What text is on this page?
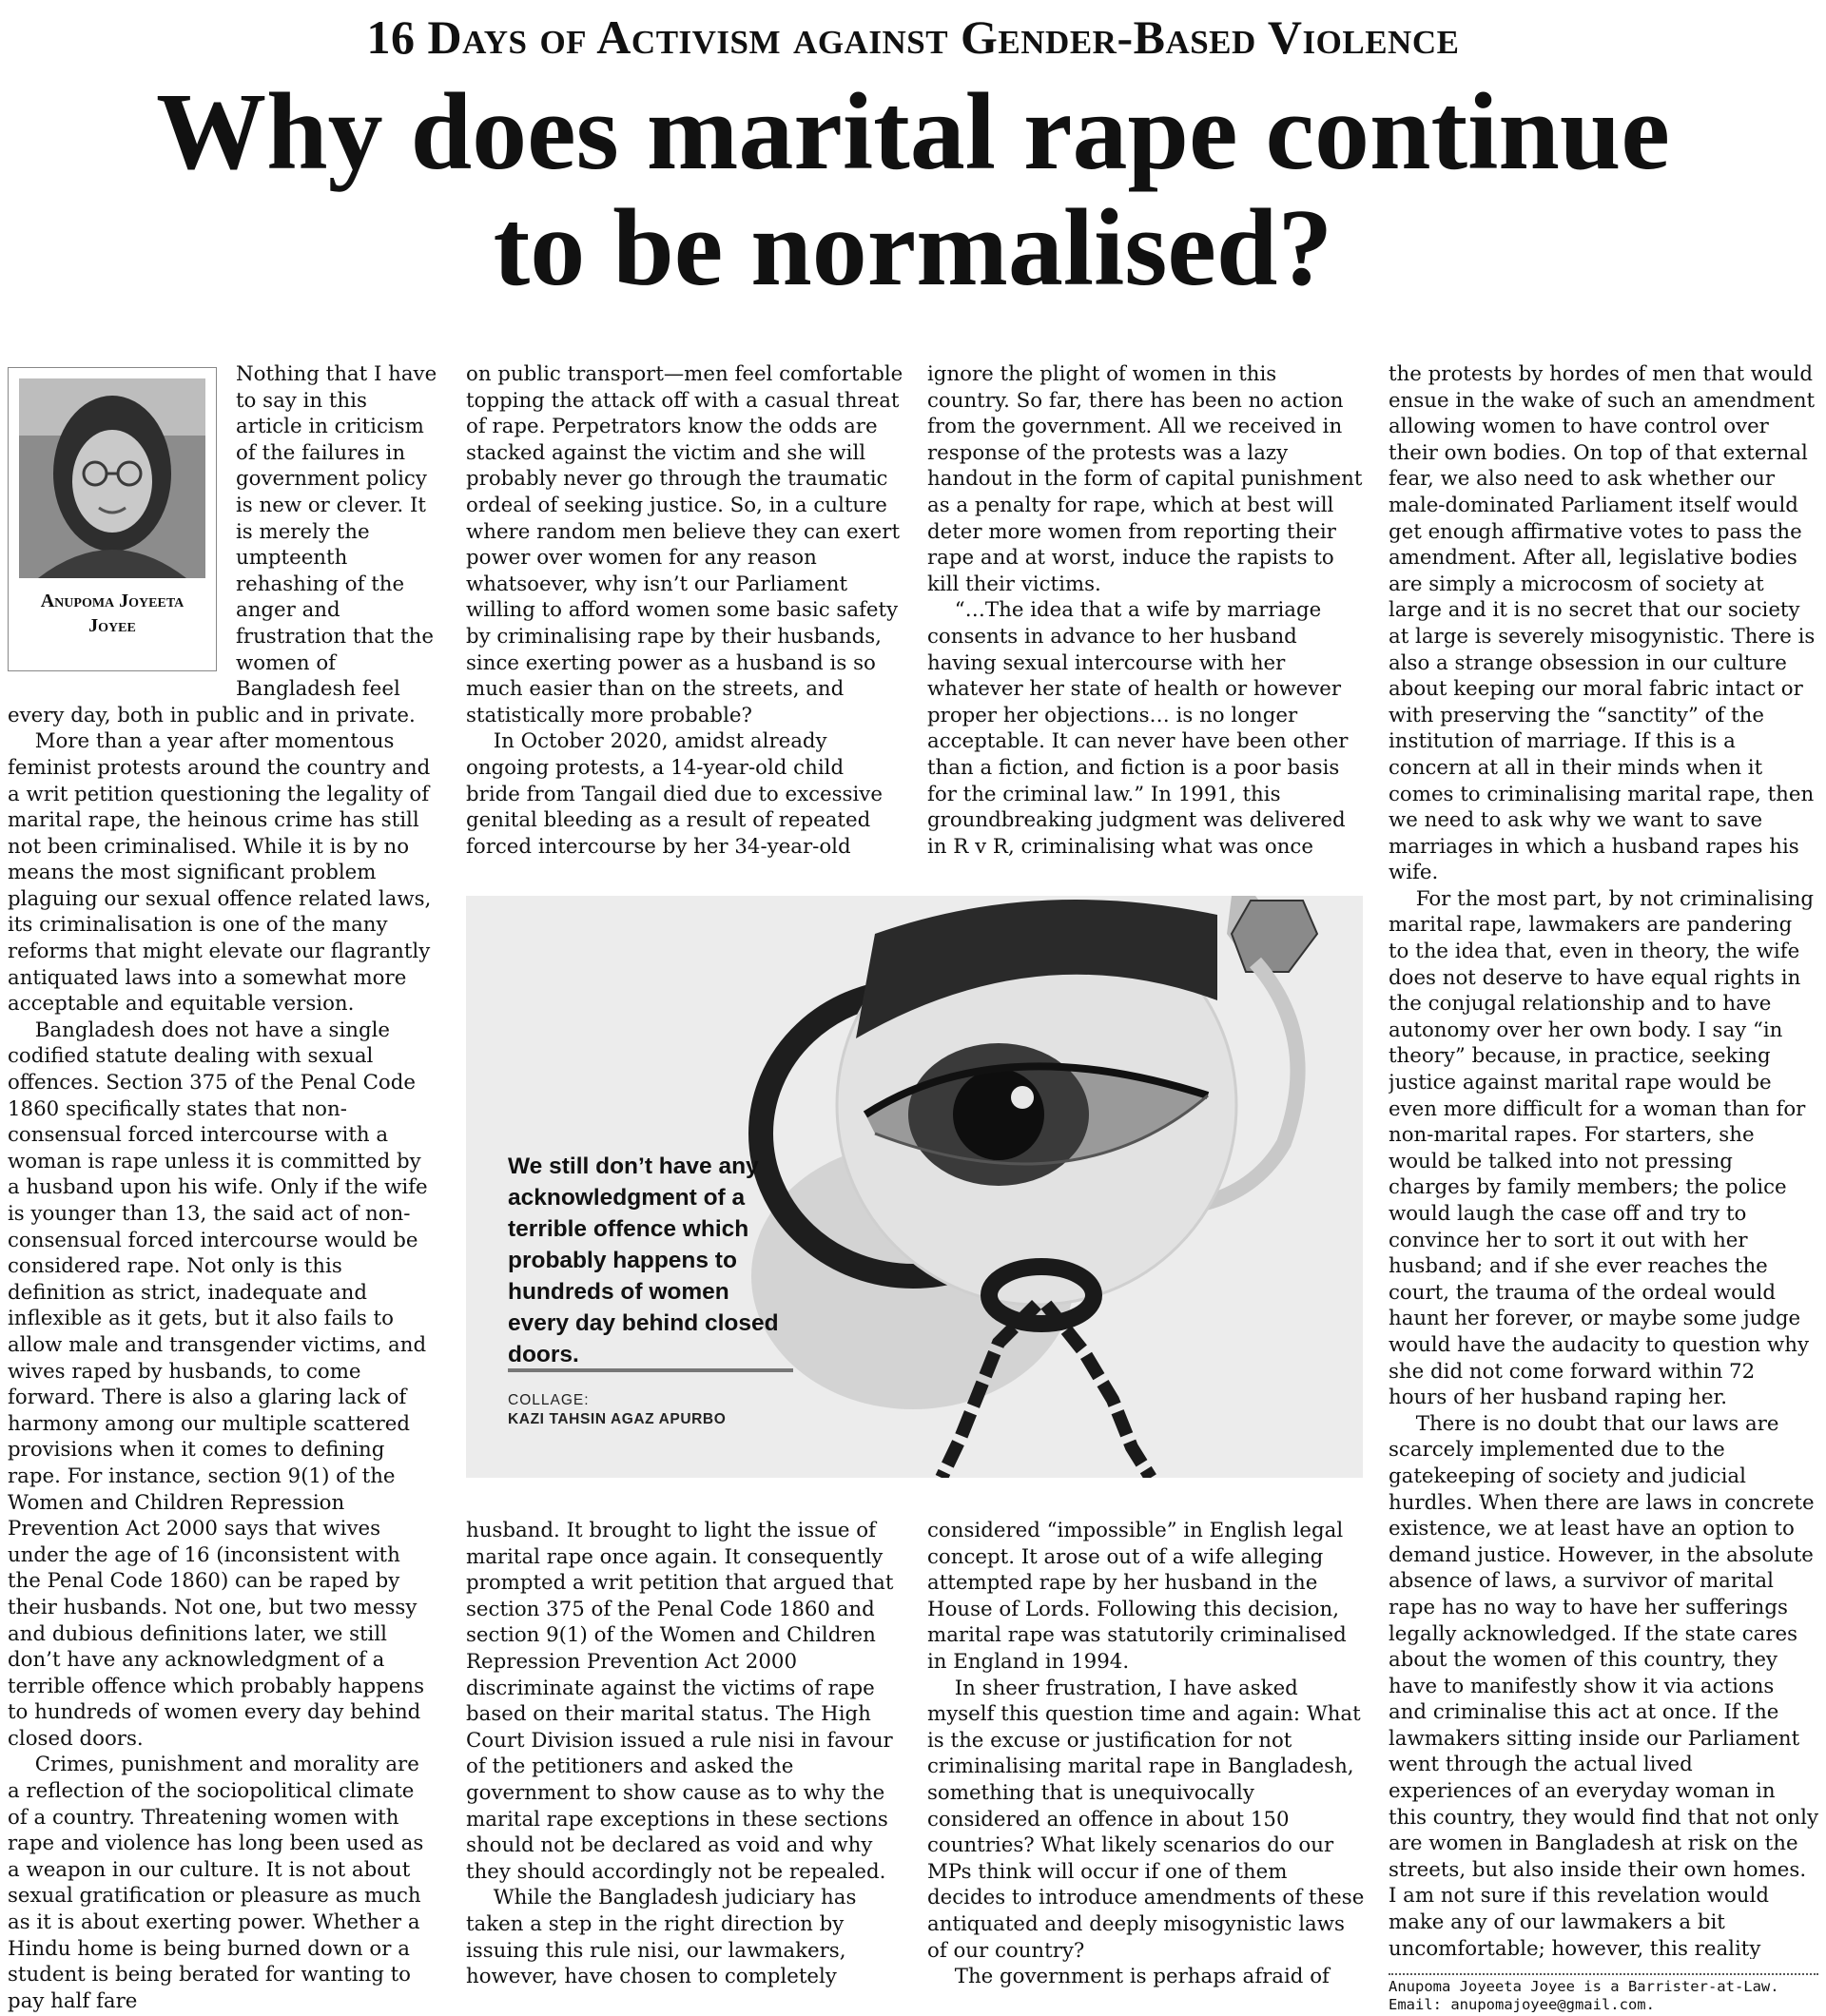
16 Days of Activism against Gender-Based Violence
Why does marital rape continue
to be normalised?
Anupoma Joyeeta
Joyee

Nothing that I have to say in this article in criticism of the failures in government policy is new or clever. It is merely the umpteenth rehashing of the anger and frustration that the women of Bangladesh feel every day, both in public and in private.

More than a year after momentous feminist protests around the country and a writ petition questioning the legality of marital rape, the heinous crime has still not been criminalised. While it is by no means the most significant problem plaguing our sexual offence related laws, its criminalisation is one of the many reforms that might elevate our flagrantly antiquated laws into a somewhat more acceptable and equitable version.

Bangladesh does not have a single codified statute dealing with sexual offences. Section 375 of the Penal Code 1860 specifically states that non-consensual forced intercourse with a woman is rape unless it is committed by a husband upon his wife. Only if the wife is younger than 13, the said act of non-consensual forced intercourse would be considered rape. Not only is this definition as strict, inadequate and inflexible as it gets, but it also fails to allow male and transgender victims, and wives raped by husbands, to come forward. There is also a glaring lack of harmony among our multiple scattered provisions when it comes to defining rape. For instance, section 9(1) of the Women and Children Repression Prevention Act 2000 says that wives under the age of 16 (inconsistent with the Penal Code 1860) can be raped by their husbands. Not one, but two messy and dubious definitions later, we still don’t have any acknowledgment of a terrible offence which probably happens to hundreds of women every day behind closed doors.

Crimes, punishment and morality are a reflection of the sociopolitical climate of a country. Threatening women with rape and violence has long been used as a weapon in our culture. It is not about sexual gratification or pleasure as much as it is about exerting power. Whether a Hindu home is being burned down or a student is being berated for wanting to pay half fare

on public transport—men feel comfortable topping the attack off with a casual threat of rape. Perpetrators know the odds are stacked against the victim and she will probably never go through the traumatic ordeal of seeking justice. So, in a culture where random men believe they can exert power over women for any reason whatsoever, why isn’t our Parliament willing to afford women some basic safety by criminalising rape by their husbands, since exerting power as a husband is so much easier than on the streets, and statistically more probable?

In October 2020, amidst already ongoing protests, a 14-year-old child bride from Tangail died due to excessive genital bleeding as a result of repeated forced intercourse by her 34-year-old

ignore the plight of women in this country. So far, there has been no action from the government. All we received in response of the protests was a lazy handout in the form of capital punishment as a penalty for rape, which at best will deter more women from reporting their rape and at worst, induce the rapists to kill their victims.

“…The idea that a wife by marriage consents in advance to her husband having sexual intercourse with her whatever her state of health or however proper her objections… is no longer acceptable. It can never have been other than a fiction, and fiction is a poor basis for the criminal law.” In 1991, this groundbreaking judgment was delivered in R v R, criminalising what was once

We still don’t have any acknowledgment of a terrible offence which probably happens to hundreds of women every day behind closed doors.
COLLAGE:
KAZI TAHSIN AGAZ APURBO

husband. It brought to light the issue of marital rape once again. It consequently prompted a writ petition that argued that section 375 of the Penal Code 1860 and section 9(1) of the Women and Children Repression Prevention Act 2000 discriminate against the victims of rape based on their marital status. The High Court Division issued a rule nisi in favour of the petitioners and asked the government to show cause as to why the marital rape exceptions in these sections should not be declared as void and why they should accordingly not be repealed.

While the Bangladesh judiciary has taken a step in the right direction by issuing this rule nisi, our lawmakers, however, have chosen to completely

considered “impossible” in English legal concept. It arose out of a wife alleging attempted rape by her husband in the House of Lords. Following this decision, marital rape was statutorily criminalised in England in 1994.

In sheer frustration, I have asked myself this question time and again: What is the excuse or justification for not criminalising marital rape in Bangladesh, something that is unequivocally considered an offence in about 150 countries? What likely scenarios do our MPs think will occur if one of them decides to introduce amendments of these antiquated and deeply misogynistic laws of our country?

The government is perhaps afraid of

the protests by hordes of men that would ensue in the wake of such an amendment allowing women to have control over their own bodies. On top of that external fear, we also need to ask whether our male-dominated Parliament itself would get enough affirmative votes to pass the amendment. After all, legislative bodies are simply a microcosm of society at large and it is no secret that our society at large is severely misogynistic. There is also a strange obsession in our culture about keeping our moral fabric intact or with preserving the “sanctity” of the institution of marriage. If this is a concern at all in their minds when it comes to criminalising marital rape, then we need to ask why we want to save marriages in which a husband rapes his wife.

For the most part, by not criminalising marital rape, lawmakers are pandering to the idea that, even in theory, the wife does not deserve to have equal rights in the conjugal relationship and to have autonomy over her own body. I say “in theory” because, in practice, seeking justice against marital rape would be even more difficult for a woman than for non-marital rapes. For starters, she would be talked into not pressing charges by family members; the police would laugh the case off and try to convince her to sort it out with her husband; and if she ever reaches the court, the trauma of the ordeal would haunt her forever, or maybe some judge would have the audacity to question why she did not come forward within 72 hours of her husband raping her.

There is no doubt that our laws are scarcely implemented due to the gatekeeping of society and judicial hurdles. When there are laws in concrete existence, we at least have an option to demand justice. However, in the absolute absence of laws, a survivor of marital rape has no way to have her sufferings legally acknowledged. If the state cares about the women of this country, they have to manifestly show it via actions and criminalise this act at once. If the lawmakers sitting inside our Parliament went through the actual lived experiences of an everyday woman in this country, they would find that not only are women in Bangladesh at risk on the streets, but also inside their own homes. I am not sure if this revelation would make any of our lawmakers a bit uncomfortable; however, this reality

Anupoma Joyeeta Joyee is a Barrister-at-Law.
Email: anupomajoyee@gmail.com.
